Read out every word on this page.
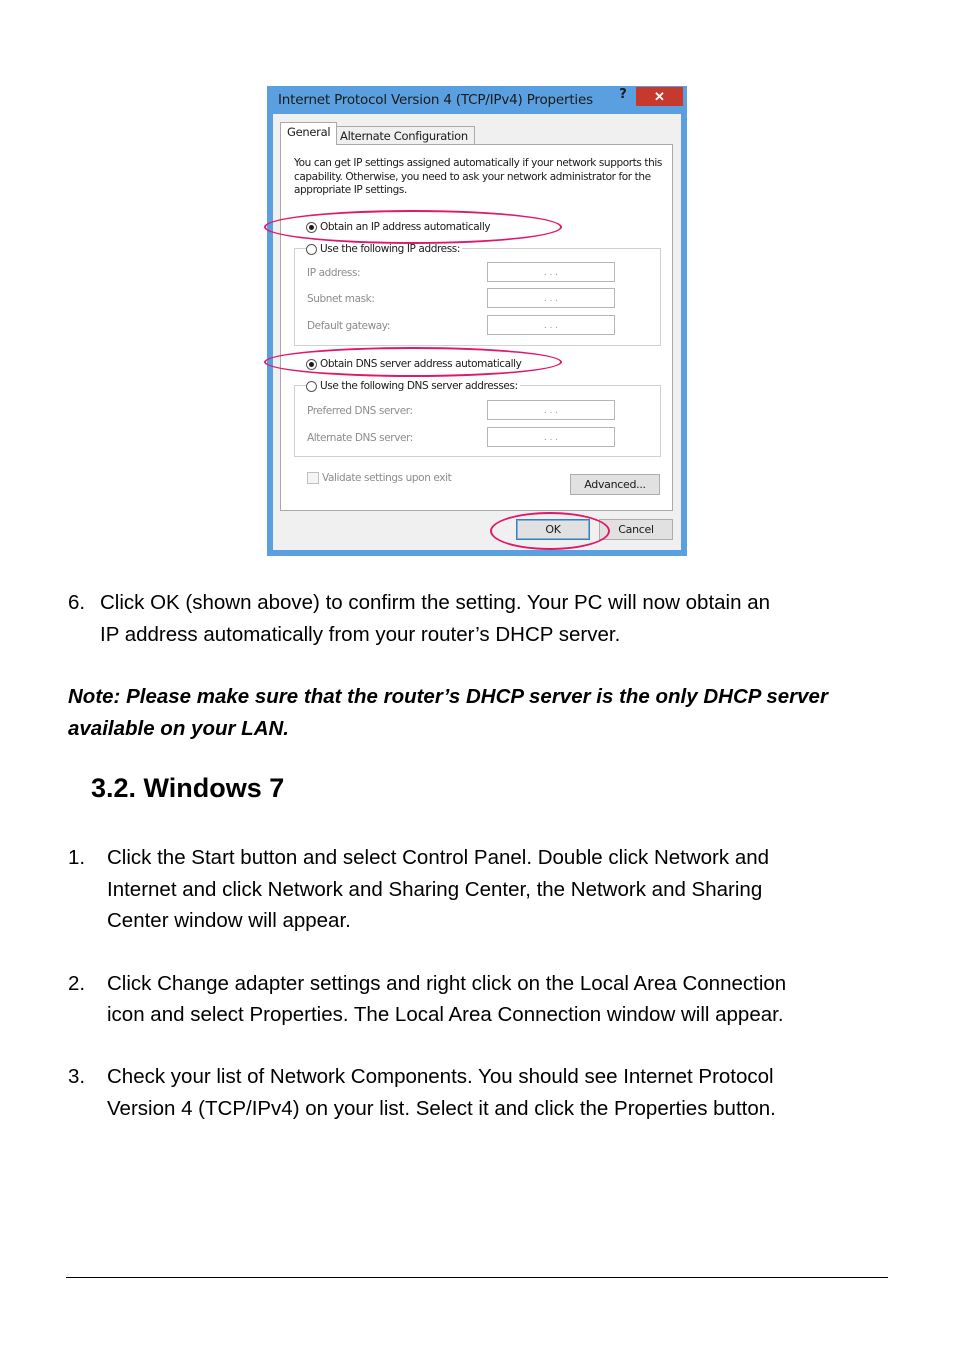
Internet Protocol Version 4 (TCP/IPv4) Properties ?	✕
General Alternate Configuration
You can get IP settings assigned automatically if your network supports this capability. Otherwise, you need to ask your network administrator for the appropriate IP settings.
Obtain an IP address automatically
Use the following IP address:
IP address:	. . .
Subnet mask:	. . .
Default gateway:	. . .
Obtain DNS server address automatically
Use the following DNS server addresses:
Preferred DNS server:	. . .
Alternate DNS server:	. . .
Validate settings upon exit	Advanced...
OK	Cancel
6. Click OK (shown above) to confirm the setting. Your PC will now obtain an
IP address automatically from your router’s DHCP server.
Note: Please make sure that the router’s DHCP server is the only DHCP server
available on your LAN.
3.2. Windows 7
1. Click the Start button and select Control Panel. Double click Network and
Internet and click Network and Sharing Center, the Network and Sharing
Center window will appear.
2. Click Change adapter settings and right click on the Local Area Connection
icon and select Properties. The Local Area Connection window will appear.
3. Check your list of Network Components. You should see Internet Protocol
Version 4 (TCP/IPv4) on your list. Select it and click the Properties button.
